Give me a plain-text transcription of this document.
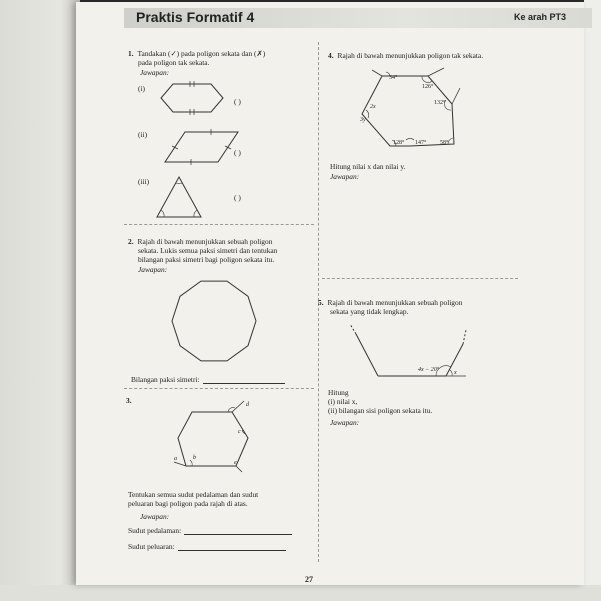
Praktis Formatif 4	Ke arah PT3
1. Tandakan (✓) pada poligon sekata dan (✗)
pada poligon tak sekata.
Jawapan:
(i)
( )
(ii)
( )
(iii)
( )
2. Rajah di bawah menunjukkan sebuah poligon
sekata. Lukis semua paksi simetri dan tentukan
bilangan paksi simetri bagi poligon sekata itu.
Jawapan:
Bilangan paksi simetri:
3.	d
c
b
a
e
Tentukan semua sudut pedalaman dan sudut
peluaran bagi poligon pada rajah di atas.
Jawapan:
Sudut pedalaman:
Sudut peluaran:
4. Rajah di bawah menunjukkan poligon tak sekata.
34°
126°
132°
2x
3y
128° 147° 58°
Hitung nilai x dan nilai y.
Jawapan:
5. Rajah di bawah menunjukkan sebuah poligon
sekata yang tidak lengkap.
4x − 20° x
Hitung
(i) nilai x,
(ii) bilangan sisi poligon sekata itu.
Jawapan:
27
